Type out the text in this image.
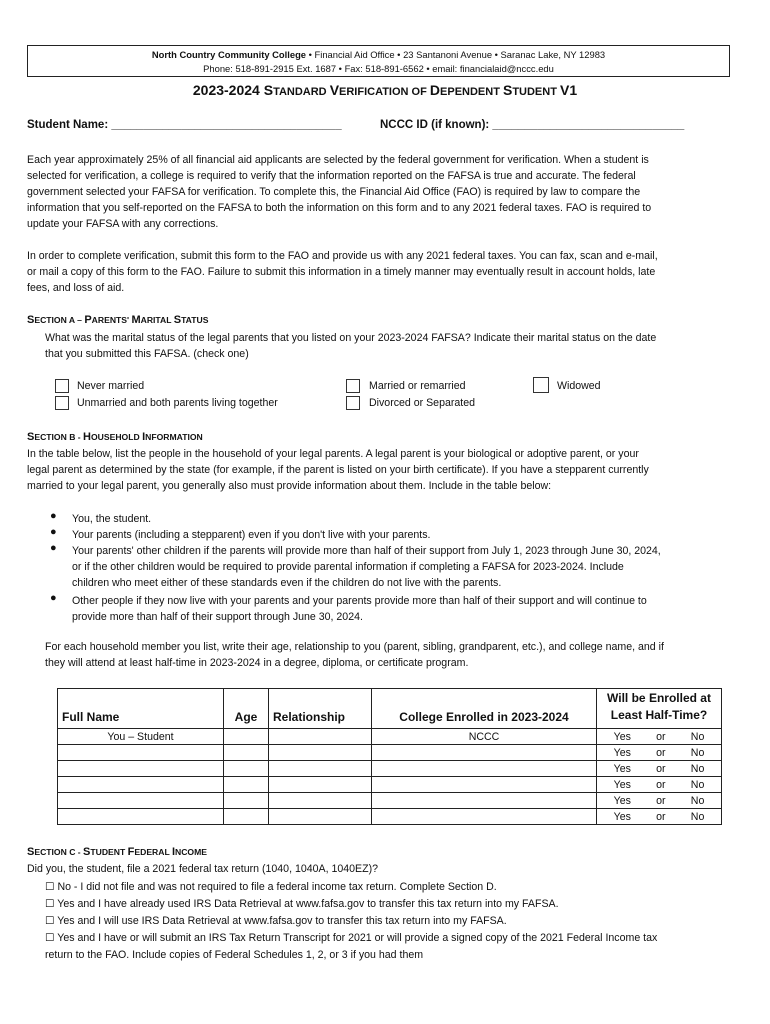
North Country Community College • Financial Aid Office • 23 Santanoni Avenue • Saranac Lake, NY 12983
Phone: 518-891-2915 Ext. 1687 • Fax: 518-891-6562 • email: financialaid@nccc.edu
2023-2024 STANDARD VERIFICATION OF DEPENDENT STUDENT V1
Student Name: ____________________________________	NCCC ID (if known): ______________________________
Each year approximately 25% of all financial aid applicants are selected by the federal government for verification. When a student is
selected for verification, a college is required to verify that the information reported on the FAFSA is true and accurate. The federal
government selected your FAFSA for verification. To complete this, the Financial Aid Office (FAO) is required by law to compare the
information that you self-reported on the FAFSA to both the information on this form and to any 2021 federal taxes. FAO is required to
update your FAFSA with any corrections.
In order to complete verification, submit this form to the FAO and provide us with any 2021 federal taxes. You can fax, scan and e-mail,
or mail a copy of this form to the FAO. Failure to submit this information in a timely manner may eventually result in account holds, late
fees, and loss of aid.
SECTION A – PARENTS' MARITAL STATUS
What was the marital status of the legal parents that you listed on your 2023-2024 FAFSA? Indicate their marital status on the date
that you submitted this FAFSA. (check one)
Never married
Unmarried and both parents living together
Married or remarried
Divorced or Separated
Widowed
SECTION B - HOUSEHOLD INFORMATION
In the table below, list the people in the household of your legal parents. A legal parent is your biological or adoptive parent, or your
legal parent as determined by the state (for example, if the parent is listed on your birth certificate). If you have a stepparent currently
married to your legal parent, you generally also must provide information about them. Include in the table below:
● You, the student.
● Your parents (including a stepparent) even if you don't live with your parents.
● Your parents' other children if the parents will provide more than half of their support from July 1, 2023 through June 30, 2024,
or if the other children would be required to provide parental information if completing a FAFSA for 2023-2024. Include
children who meet either of these standards even if the children do not live with the parents.
● Other people if they now live with your parents and your parents provide more than half of their support and will continue to
provide more than half of their support through June 30, 2024.
For each household member you list, write their age, relationship to you (parent, sibling, grandparent, etc.), and college name, and if
they will attend at least half-time in 2023-2024 in a degree, diploma, or certificate program.
Full Name	Age	Relationship	College Enrolled in 2023-2024	Will be Enrolled at
Least Half-Time?

You – Student			NCCC	Yes or No

				Yes or No

				Yes or No

				Yes or No

				Yes or No

				Yes or No
SECTION C - STUDENT FEDERAL INCOME
Did you, the student, file a 2021 federal tax return (1040, 1040A, 1040EZ)?
☐ No - I did not file and was not required to file a federal income tax return. Complete Section D.
☐ Yes and I have already used IRS Data Retrieval at www.fafsa.gov to transfer this tax return into my FAFSA.
☐ Yes and I will use IRS Data Retrieval at www.fafsa.gov to transfer this tax return into my FAFSA.
☐ Yes and I have or will submit an IRS Tax Return Transcript for 2021 or will provide a signed copy of the 2021 Federal Income tax
return to the FAO. Include copies of Federal Schedules 1, 2, or 3 if you had them
